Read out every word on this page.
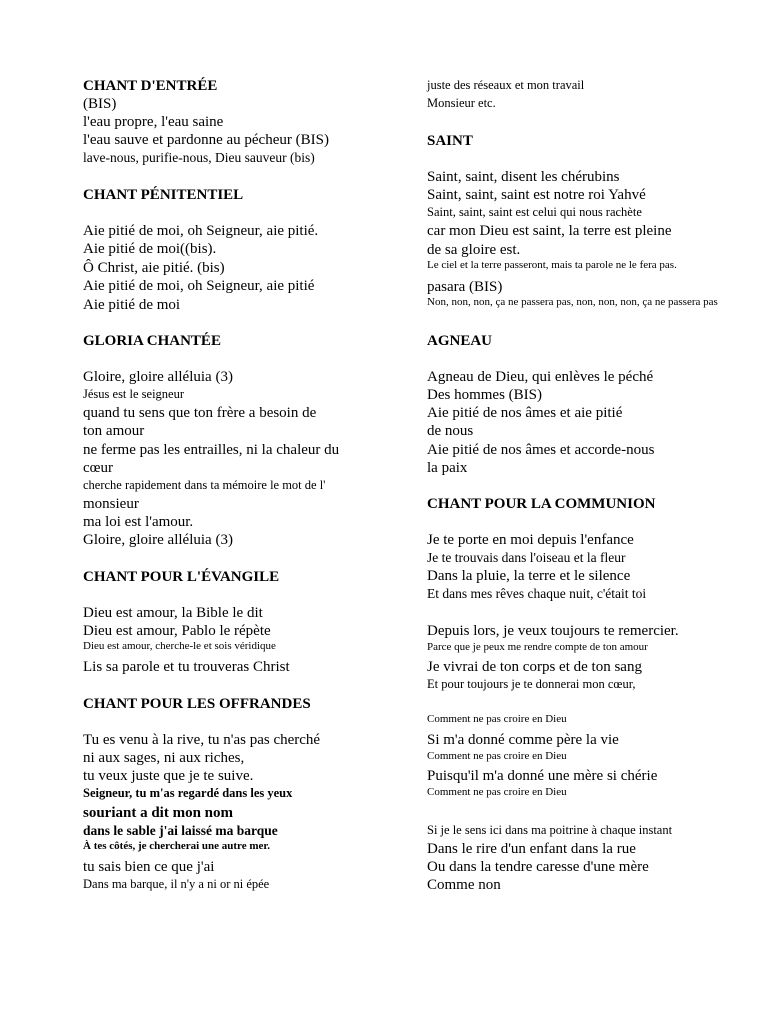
CHANT D'ENTRÉE
(BIS)
l'eau propre, l'eau saine
l'eau sauve et pardonne au pécheur (BIS)
lave-nous, purifie-nous, Dieu sauveur (bis)
CHANT PÉNITENTIEL
Aie pitié de moi, oh Seigneur, aie pitié.
Aie pitié de moi((bis).
Ô Christ, aie pitié. (bis)
Aie pitié de moi, oh Seigneur, aie pitié
Aie pitié de moi
GLORIA CHANTÉE
Gloire, gloire alléluia (3)
Jésus est le seigneur
quand tu sens que ton frère a besoin de
ton amour
ne ferme pas les entrailles, ni la chaleur du
cœur
cherche rapidement dans ta mémoire le mot de l'
monsieur
ma loi est l'amour.
Gloire, gloire alléluia (3)
CHANT POUR L'ÉVANGILE
Dieu est amour, la Bible le dit
Dieu est amour, Pablo le répète
Dieu est amour, cherche-le et sois véridique
Lis sa parole et tu trouveras Christ
CHANT POUR LES OFFRANDES
Tu es venu à la rive, tu n'as pas cherché
ni aux sages, ni aux riches,
tu veux juste que je te suive.
Seigneur, tu m'as regardé dans les yeux
souriant a dit mon nom
dans le sable j'ai laissé ma barque
À tes côtés, je chercherai une autre mer.
tu sais bien ce que j'ai
Dans ma barque, il n'y a ni or ni épée
juste des réseaux et mon travail
Monsieur etc.
SAINT
Saint, saint, disent les chérubins
Saint, saint, saint est notre roi Yahvé
Saint, saint, saint est celui qui nous rachète
car mon Dieu est saint, la terre est pleine
de sa gloire est.
Le ciel et la terre passeront, mais ta parole ne le fera pas.
pasara (BIS)
Non, non, non, ça ne passera pas, non, non, non, ça ne passera pas
AGNEAU
Agneau de Dieu, qui enlèves le péché
Des hommes (BIS)
Aie pitié de nos âmes et aie pitié
de nous
Aie pitié de nos âmes et accorde-nous
la paix
CHANT POUR LA COMMUNION
Je te porte en moi depuis l'enfance
Je te trouvais dans l'oiseau et la fleur
Dans la pluie, la terre et le silence
Et dans mes rêves chaque nuit, c'était toi
Depuis lors, je veux toujours te remercier.
Parce que je peux me rendre compte de ton amour
Je vivrai de ton corps et de ton sang
Et pour toujours je te donnerai mon cœur,
Comment ne pas croire en Dieu
Si m'a donné comme père la vie
Comment ne pas croire en Dieu
Puisqu'il m'a donné une mère si chérie
Comment ne pas croire en Dieu
Si je le sens ici dans ma poitrine à chaque instant
Dans le rire d'un enfant dans la rue
Ou dans la tendre caresse d'une mère
Comme non
